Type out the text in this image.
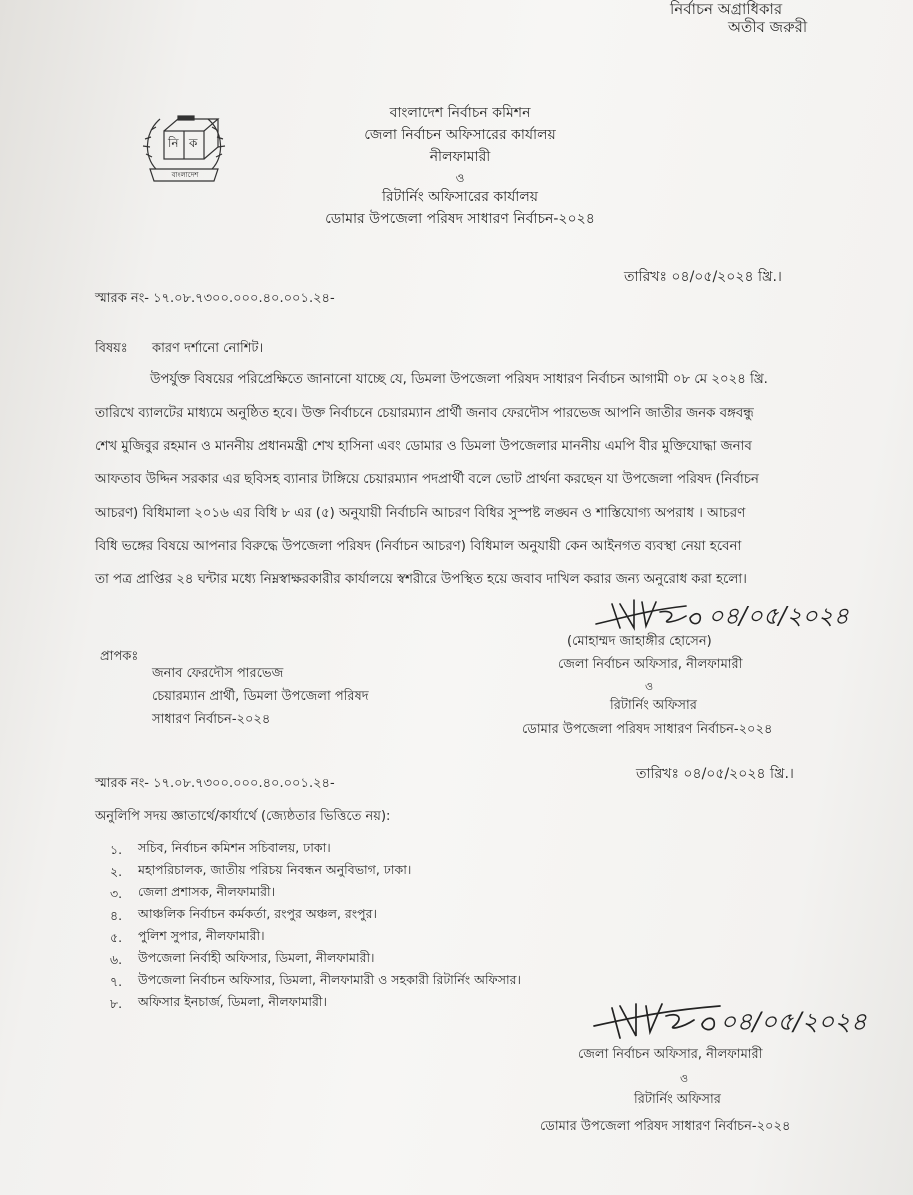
নির্বাচন অগ্রাধিকার
অতীব জরুরী
নি ক
বাংলাদেশ
বাংলাদেশ নির্বাচন কমিশন
জেলা নির্বাচন অফিসারের কার্যালয়
নীলফামারী
ও
রিটার্নিং অফিসারের কার্যালয়
ডোমার উপজেলা পরিষদ সাধারণ নির্বাচন-২০২৪
তারিখঃ ০৪/০৫/২০২৪ খ্রি.।
স্মারক নং- ১৭.০৮.৭৩০০.০০০.৪০.০০১.২৪-
বিষয়ঃ কারণ দর্শানো নোশিট।
উপর্যুক্ত বিষয়ের পরিপ্রেক্ষিতে জানানো যাচ্ছে যে, ডিমলা উপজেলা পরিষদ সাধারণ নির্বাচন আগামী ০৮ মে ২০২৪ খ্রি.
তারিখে ব্যালটের মাধ্যমে অনুষ্ঠিত হবে। উক্ত নির্বাচনে চেয়ারম্যান প্রার্থী জনাব ফেরদৌস পারভেজ আপনি জাতীর জনক বঙ্গবন্ধু
শেখ মুজিবুর রহমান ও মাননীয় প্রধানমন্ত্রী শেখ হাসিনা এবং ডোমার ও ডিমলা উপজেলার মাননীয় এমপি বীর মুক্তিযোদ্ধা জনাব
আফতাব উদ্দিন সরকার এর ছবিসহ ব্যানার টাঙ্গিয়ে চেয়ারম্যান পদপ্রার্থী বলে ভোট প্রার্থনা করছেন যা উপজেলা পরিষদ (নির্বাচন
আচরণ) বিধিমালা ২০১৬ এর বিধি ৮ এর (৫) অনুযায়ী নির্বাচনি আচরণ বিধির সুস্পষ্ট লঙ্ঘন ও শাস্তিযোগ্য অপরাধ । আচরণ
বিধি ভঙ্গের বিষয়ে আপনার বিরুদ্ধে উপজেলা পরিষদ (নির্বাচন আচরণ) বিধিমাল অনুযায়ী কেন আইনগত ব্যবস্থা নেয়া হবেনা
তা পত্র প্রাপ্তির ২৪ ঘন্টার মধ্যে নিম্নস্বাক্ষরকারীর কার্যালয়ে স্বশরীরে উপস্থিত হয়ে জবাব দাখিল করার জন্য অনুরোধ করা হলো।
০৪/০৫/২০২৪
(মোহাম্মদ জাহাঙ্গীর হোসেন)
জেলা নির্বাচন অফিসার, নীলফামারী
ও
রিটার্নিং অফিসার
ডোমার উপজেলা পরিষদ সাধারণ নির্বাচন-২০২৪
প্রাপকঃ
জনাব ফেরদৌস পারভেজ
চেয়ারম্যান প্রার্থী, ডিমলা উপজেলা পরিষদ
সাধারণ নির্বাচন-২০২৪
স্মারক নং- ১৭.০৮.৭৩০০.০০০.৪০.০০১.২৪-
তারিখঃ ০৪/০৫/২০২৪ খ্রি.।
অনুলিপি সদয় জ্ঞাতার্থে/কার্যার্থে (জ্যেষ্ঠতার ভিত্তিতে নয়):
১. সচিব, নির্বাচন কমিশন সচিবালয়, ঢাকা।
২. মহাপরিচালক, জাতীয় পরিচয় নিবন্ধন অনুবিভাগ, ঢাকা।
৩. জেলা প্রশাসক, নীলফামারী।
৪. আঞ্চলিক নির্বাচন কর্মকর্তা, রংপুর অঞ্চল, রংপুর।
৫. পুলিশ সুপার, নীলফামারী।
৬. উপজেলা নির্বাহী অফিসার, ডিমলা, নীলফামারী।
৭. উপজেলা নির্বাচন অফিসার, ডিমলা, নীলফামারী ও সহকারী রিটার্নিং অফিসার।
৮. অফিসার ইনচার্জ, ডিমলা, নীলফামারী।
০৪/০৫/২০২৪
জেলা নির্বাচন অফিসার, নীলফামারী
ও
রিটার্নিং অফিসার
ডোমার উপজেলা পরিষদ সাধারণ নির্বাচন-২০২৪
